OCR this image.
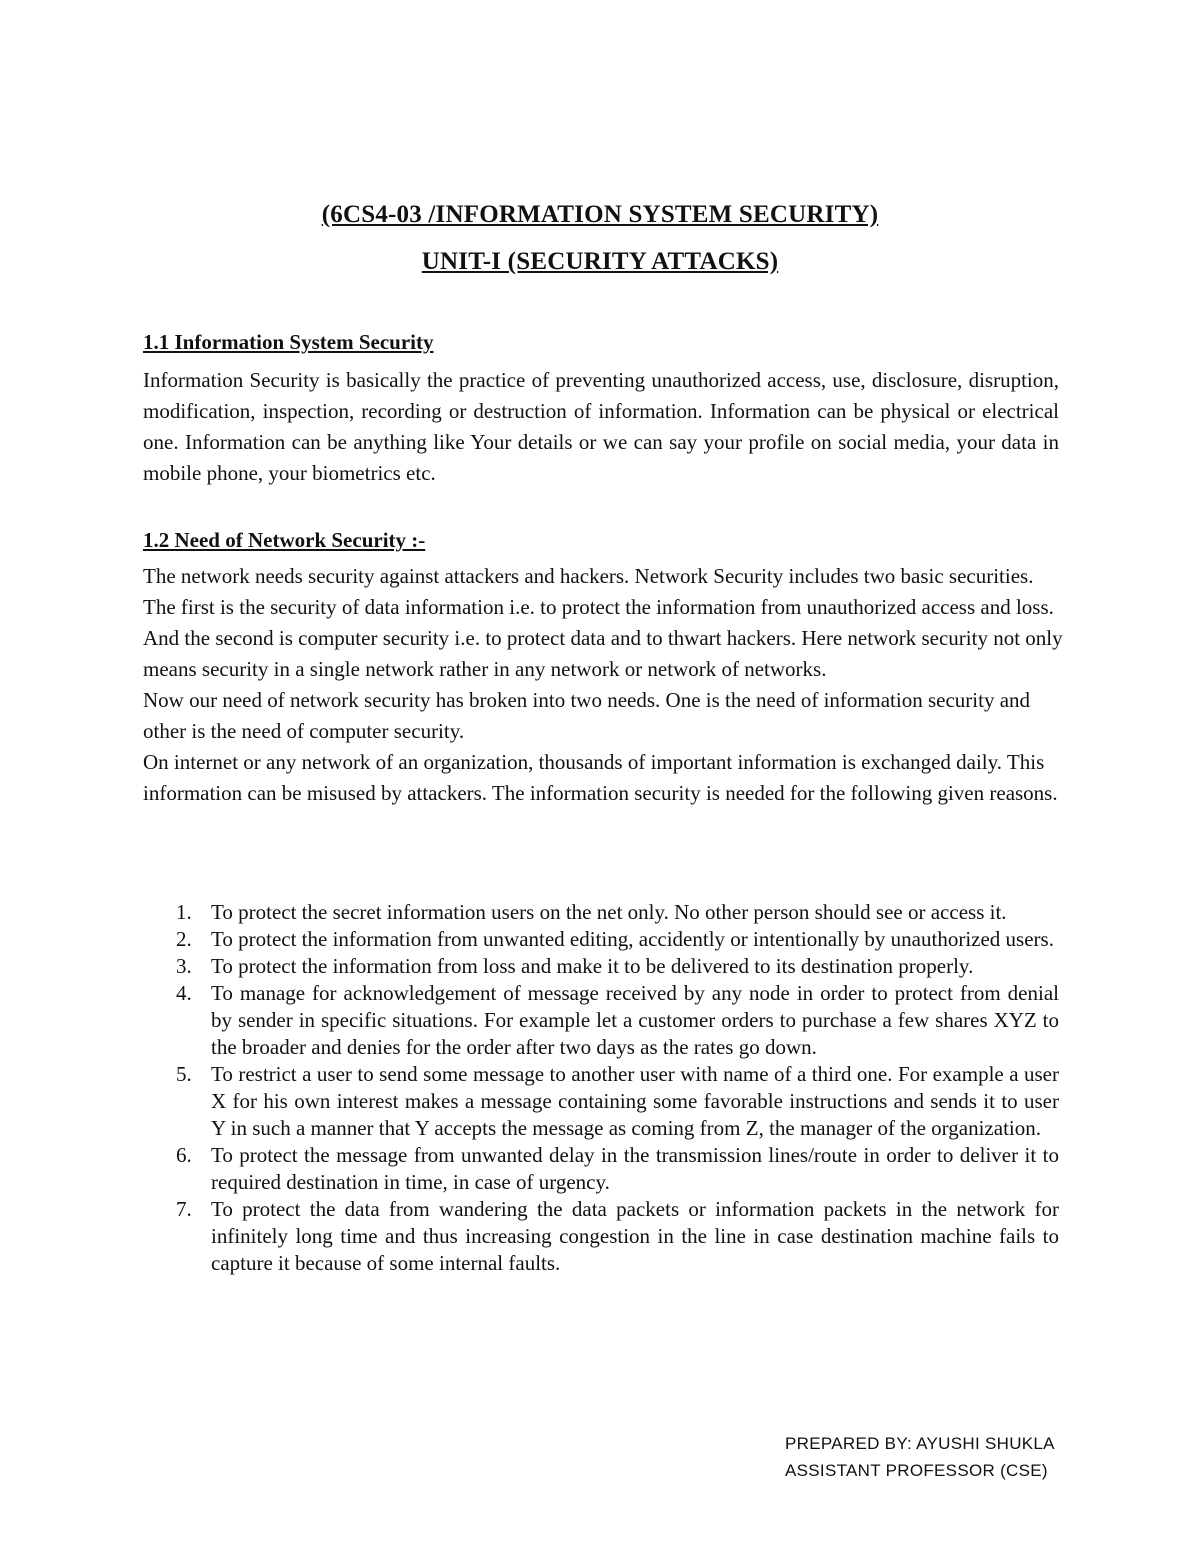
(6CS4-03 /INFORMATION SYSTEM SECURITY)
UNIT-I (SECURITY ATTACKS)
1.1 Information System Security
Information Security is basically the practice of preventing unauthorized access, use, disclosure, disruption, modification, inspection, recording or destruction of information. Information can be physical or electrical one. Information can be anything like Your details or we can say your profile on social media, your data in mobile phone, your biometrics etc.
1.2 Need of Network Security :-
The network needs security against attackers and hackers. Network Security includes two basic securities. The first is the security of data information i.e. to protect the information from unauthorized access and loss. And the second is computer security i.e. to protect data and to thwart hackers. Here network security not only means security in a single network rather in any network or network of networks.
Now our need of network security has broken into two needs. One is the need of information security and other is the need of computer security.
On internet or any network of an organization, thousands of important information is exchanged daily. This information can be misused by attackers. The information security is needed for the following given reasons.
1. To protect the secret information users on the net only. No other person should see or access it.
2. To protect the information from unwanted editing, accidently or intentionally by unauthorized users.
3. To protect the information from loss and make it to be delivered to its destination properly.
4. To manage for acknowledgement of message received by any node in order to protect from denial by sender in specific situations. For example let a customer orders to purchase a few shares XYZ to the broader and denies for the order after two days as the rates go down.
5. To restrict a user to send some message to another user with name of a third one. For example a user X for his own interest makes a message containing some favorable instructions and sends it to user Y in such a manner that Y accepts the message as coming from Z, the manager of the organization.
6. To protect the message from unwanted delay in the transmission lines/route in order to deliver it to required destination in time, in case of urgency.
7. To protect the data from wandering the data packets or information packets in the network for infinitely long time and thus increasing congestion in the line in case destination machine fails to capture it because of some internal faults.
PREPARED BY: AYUSHI SHUKLA
ASSISTANT PROFESSOR (CSE)
